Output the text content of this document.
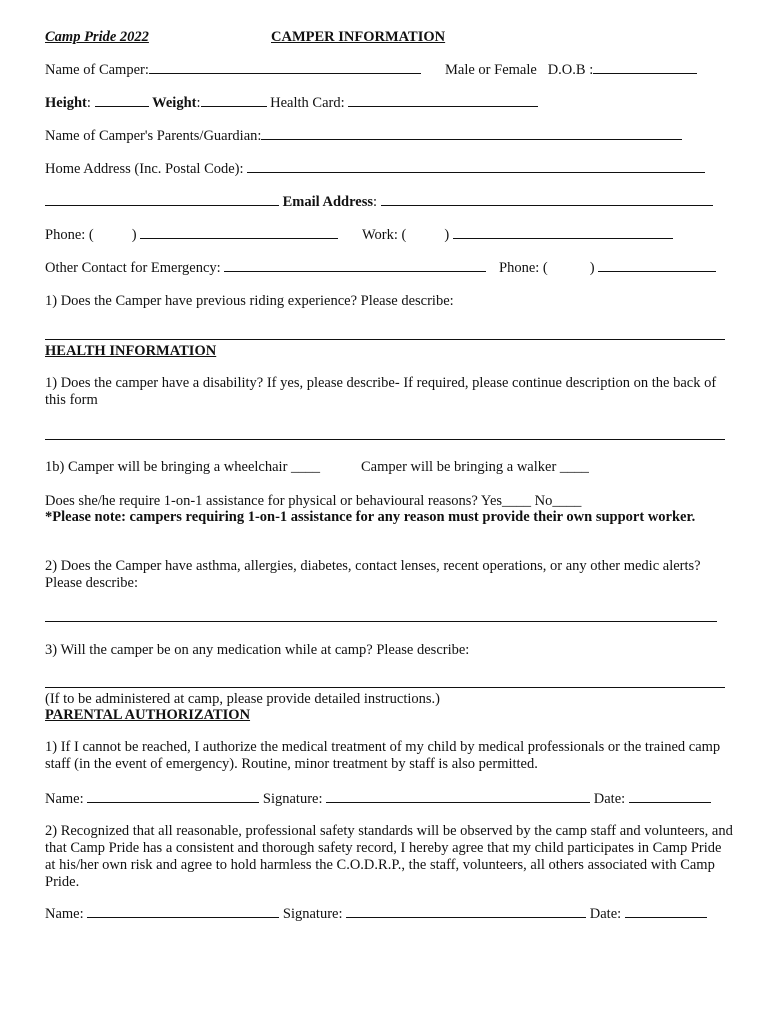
Camp Pride 2022	CAMPER INFORMATION
Name of Camper:	Male or Female D.O.B :
Height:	Weight:	Health Card:
Name of Camper's Parents/Guardian:
Home Address (Inc. Postal Code):
Email Address:
Phone: (	)	Work: (	)
Other Contact for Emergency:	Phone: (	)
1) Does the Camper have previous riding experience? Please describe:
HEALTH INFORMATION
1) Does the camper have a disability? If yes, please describe- If required, please continue description on the back of this form
1b) Camper will be bringing a wheelchair ____	Camper will be bringing a walker ____
Does she/he require 1-on-1 assistance for physical or behavioural reasons? Yes____ No____
*Please note: campers requiring 1-on-1 assistance for any reason must provide their own support worker.
2) Does the Camper have asthma, allergies, diabetes, contact lenses, recent operations, or any other medic alerts? Please describe:
3) Will the camper be on any medication while at camp? Please describe:
(If to be administered at camp, please provide detailed instructions.)
PARENTAL AUTHORIZATION
1) If I cannot be reached, I authorize the medical treatment of my child by medical professionals or the trained camp staff (in the event of emergency). Routine, minor treatment by staff is also permitted.
Name:	Signature:	Date:
2) Recognized that all reasonable, professional safety standards will be observed by the camp staff and volunteers, and that Camp Pride has a consistent and thorough safety record, I hereby agree that my child participates in Camp Pride at his/her own risk and agree to hold harmless the C.O.D.R.P., the staff, volunteers, all others associated with Camp Pride.
Name:	Signature:	Date:
